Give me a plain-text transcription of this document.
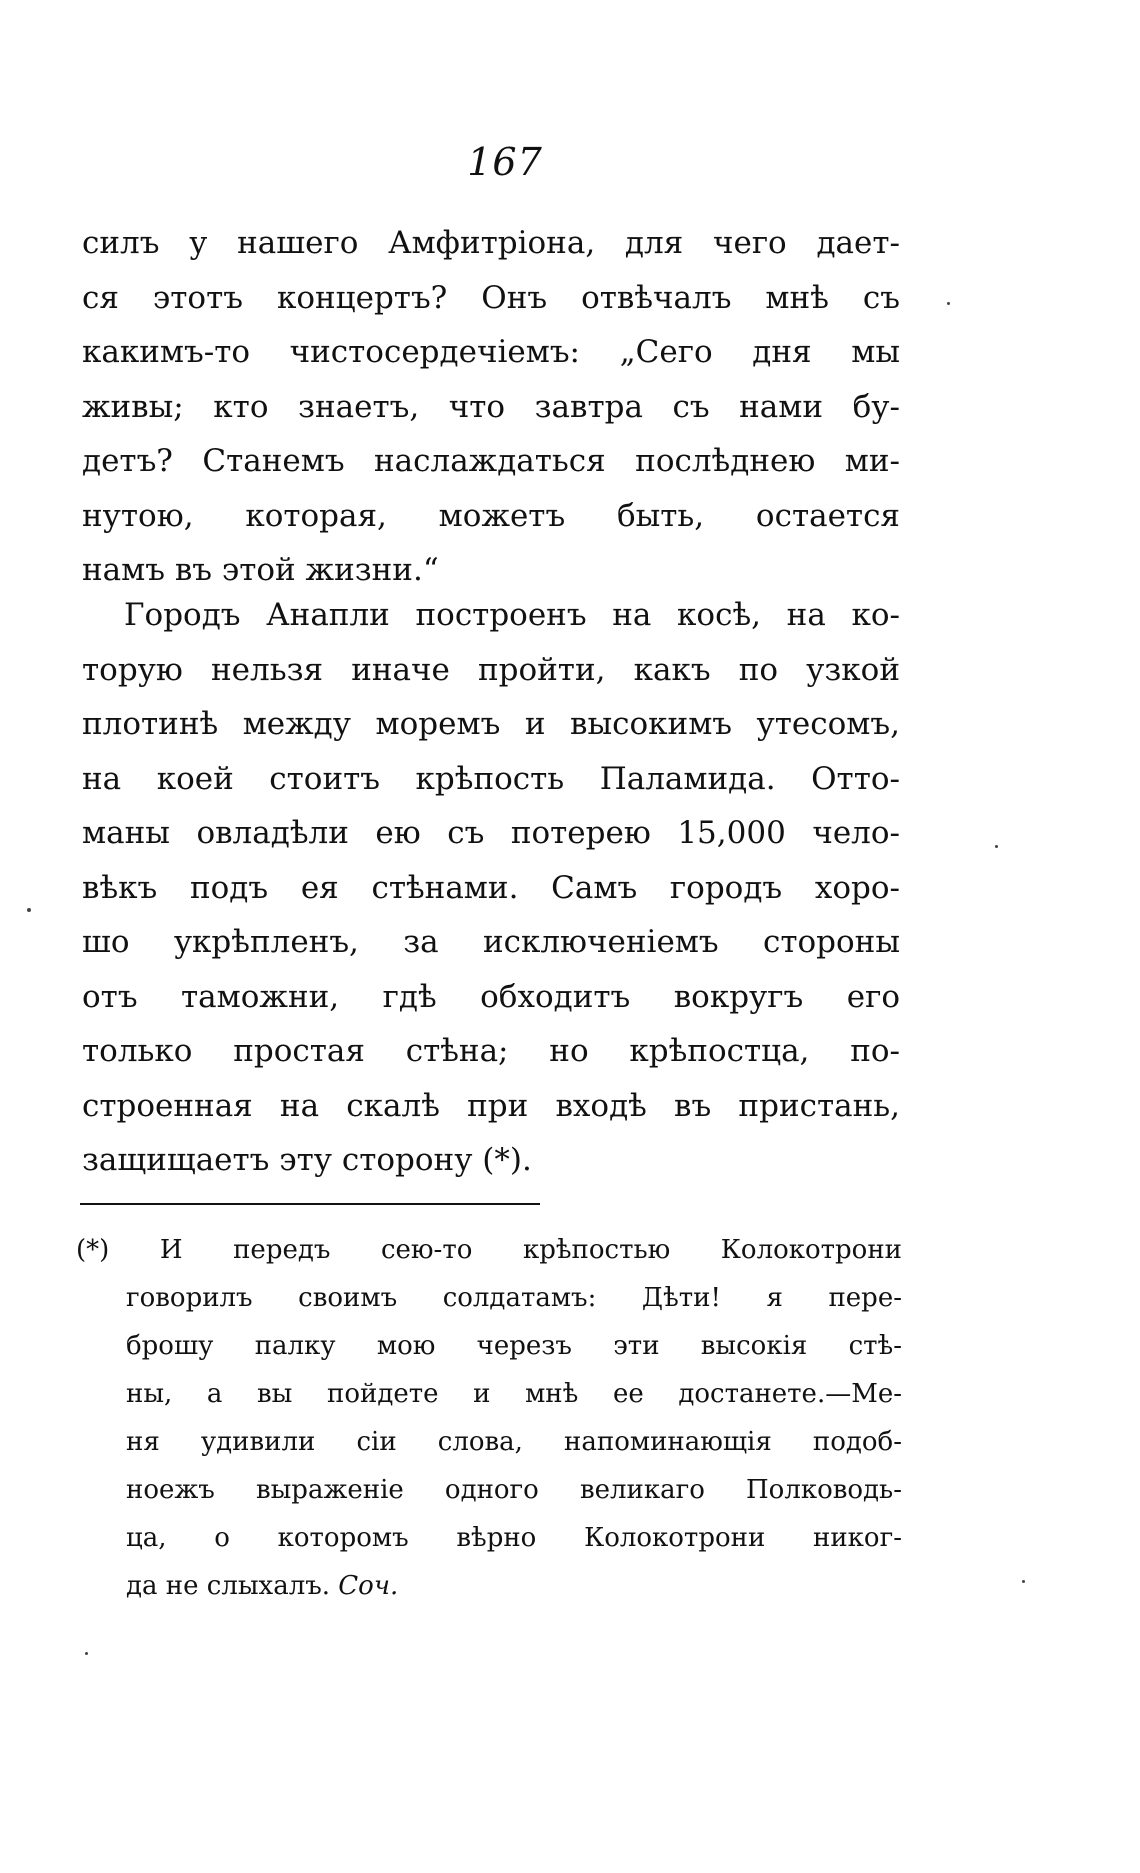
167
силъ у нашего Амфитріона, для чего дает-
ся этотъ концертъ? Онъ отвѣчалъ мнѣ съ
какимъ-то чистосердечіемъ: „Сего дня мы
живы; кто знаетъ, что завтра съ нами бу-
детъ? Станемъ наслаждаться послѣднею ми-
нутою, которая, можетъ быть, остается
намъ въ этой жизни.“
Городъ Анапли построенъ на косѣ, на ко-
торую нельзя иначе пройти, какъ по узкой
плотинѣ между моремъ и высокимъ утесомъ,
на коей стоитъ крѣпость Паламида. Отто-
маны овладѣли ею съ потерею 15,000 чело-
вѣкъ подъ ея стѣнами. Самъ городъ хоро-
шо укрѣпленъ, за исключеніемъ стороны
отъ таможни, гдѣ обходитъ вокругъ его
только простая стѣна; но крѣпостца, по-
строенная на скалѣ при входѣ въ пристань,
защищаетъ эту сторону (*).
(*) И передъ сею-то крѣпостью Колокотрони
говорилъ своимъ солдатамъ: Дѣти! я пере-
брошу палку мою черезъ эти высокія стѣ-
ны, а вы пойдете и мнѣ ее достанете.—Ме-
ня удивили сіи слова, напоминающія подоб-
ноежъ выраженіе одного великаго Полководь-
ца, о которомъ вѣрно Колокотрони никог-
да не слыхалъ. Coч.
